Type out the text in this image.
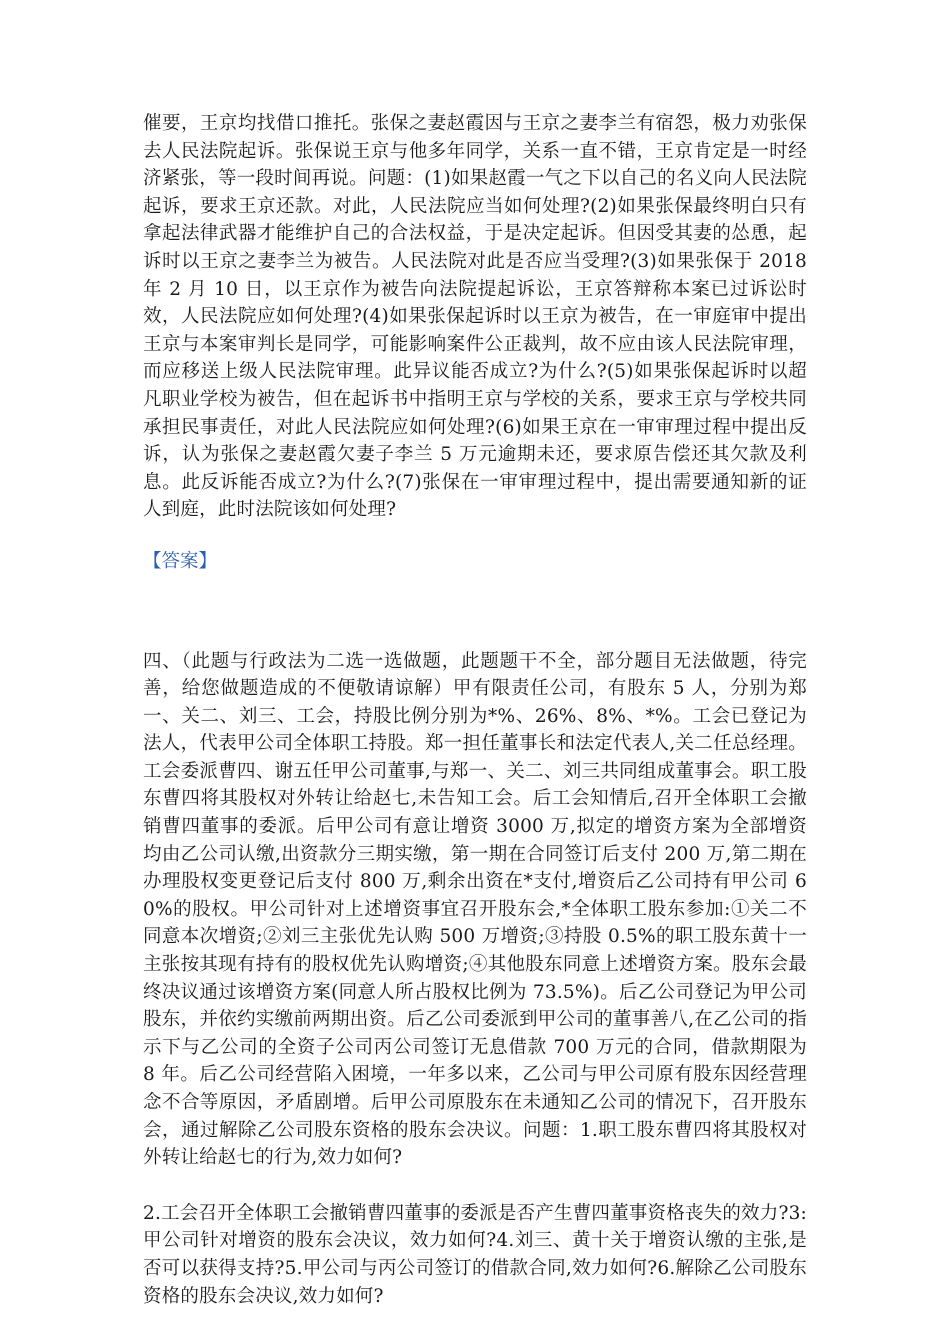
催要，王京均找借口推托。张保之妻赵霞因与王京之妻李兰有宿怨，极力劝张保去人民法院起诉。张保说王京与他多年同学，关系一直不错，王京肯定是一时经济紧张，等一段时间再说。问题：(1)如果赵霞一气之下以自己的名义向人民法院起诉，要求王京还款。对此，人民法院应当如何处理?(2)如果张保最终明白只有拿起法律武器才能维护自己的合法权益，于是决定起诉。但因受其妻的怂恿，起诉时以王京之妻李兰为被告。人民法院对此是否应当受理?(3)如果张保于 2018 年 2 月 10 日，以王京作为被告向法院提起诉讼，王京答辩称本案已过诉讼时效，人民法院应如何处理?(4)如果张保起诉时以王京为被告，在一审庭审中提出王京与本案审判长是同学，可能影响案件公正裁判，故不应由该人民法院审理，而应移送上级人民法院审理。此异议能否成立?为什么?(5)如果张保起诉时以超凡职业学校为被告，但在起诉书中指明王京与学校的关系，要求王京与学校共同承担民事责任，对此人民法院应如何处理?(6)如果王京在一审审理过程中提出反诉，认为张保之妻赵霞欠妻子李兰 5 万元逾期未还，要求原告偿还其欠款及利息。此反诉能否成立?为什么?(7)张保在一审审理过程中，提出需要通知新的证人到庭，此时法院该如何处理?

【答案】

四、（此题与行政法为二选一选做题，此题题干不全，部分题目无法做题，待完善，给您做题造成的不便敬请谅解）甲有限责任公司，有股东 5 人，分别为郑一、关二、刘三、工会，持股比例分别为*%、26%、8%、*%。工会已登记为法人，代表甲公司全体职工持股。郑一担任董事长和法定代表人,关二任总经理。工会委派曹四、谢五任甲公司董事,与郑一、关二、刘三共同组成董事会。职工股东曹四将其股权对外转让给赵七,未告知工会。后工会知情后,召开全体职工会撤销曹四董事的委派。后甲公司有意让增资 3000 万,拟定的增资方案为全部增资均由乙公司认缴,出资款分三期实缴，第一期在合同签订后支付 200 万,第二期在办理股权变更登记后支付 800 万,剩余出资在*支付,增资后乙公司持有甲公司 60%的股权。甲公司针对上述增资事宜召开股东会,*全体职工股东参加:①关二不同意本次增资;②刘三主张优先认购 500 万增资;③持股 0.5%的职工股东黄十一主张按其现有持有的股权优先认购增资;④其他股东同意上述增资方案。股东会最终决议通过该增资方案(同意人所占股权比例为 73.5%)。后乙公司登记为甲公司股东，并依约实缴前两期出资。后乙公司委派到甲公司的董事善八,在乙公司的指示下与乙公司的全资子公司丙公司签订无息借款 700 万元的合同，借款期限为 8 年。后乙公司经营陷入困境，一年多以来，乙公司与甲公司原有股东因经营理念不合等原因，矛盾剧增。后甲公司原股东在未通知乙公司的情况下，召开股东会，通过解除乙公司股东资格的股东会决议。问题：1.职工股东曹四将其股权对外转让给赵七的行为,效力如何?

2.工会召开全体职工会撤销曹四董事的委派是否产生曹四董事资格丧失的效力?3:甲公司针对增资的股东会决议，效力如何?4.刘三、黄十关于增资认缴的主张,是否可以获得支持?5.甲公司与丙公司签订的借款合同,效力如何?6.解除乙公司股东资格的股东会决议,效力如何?
